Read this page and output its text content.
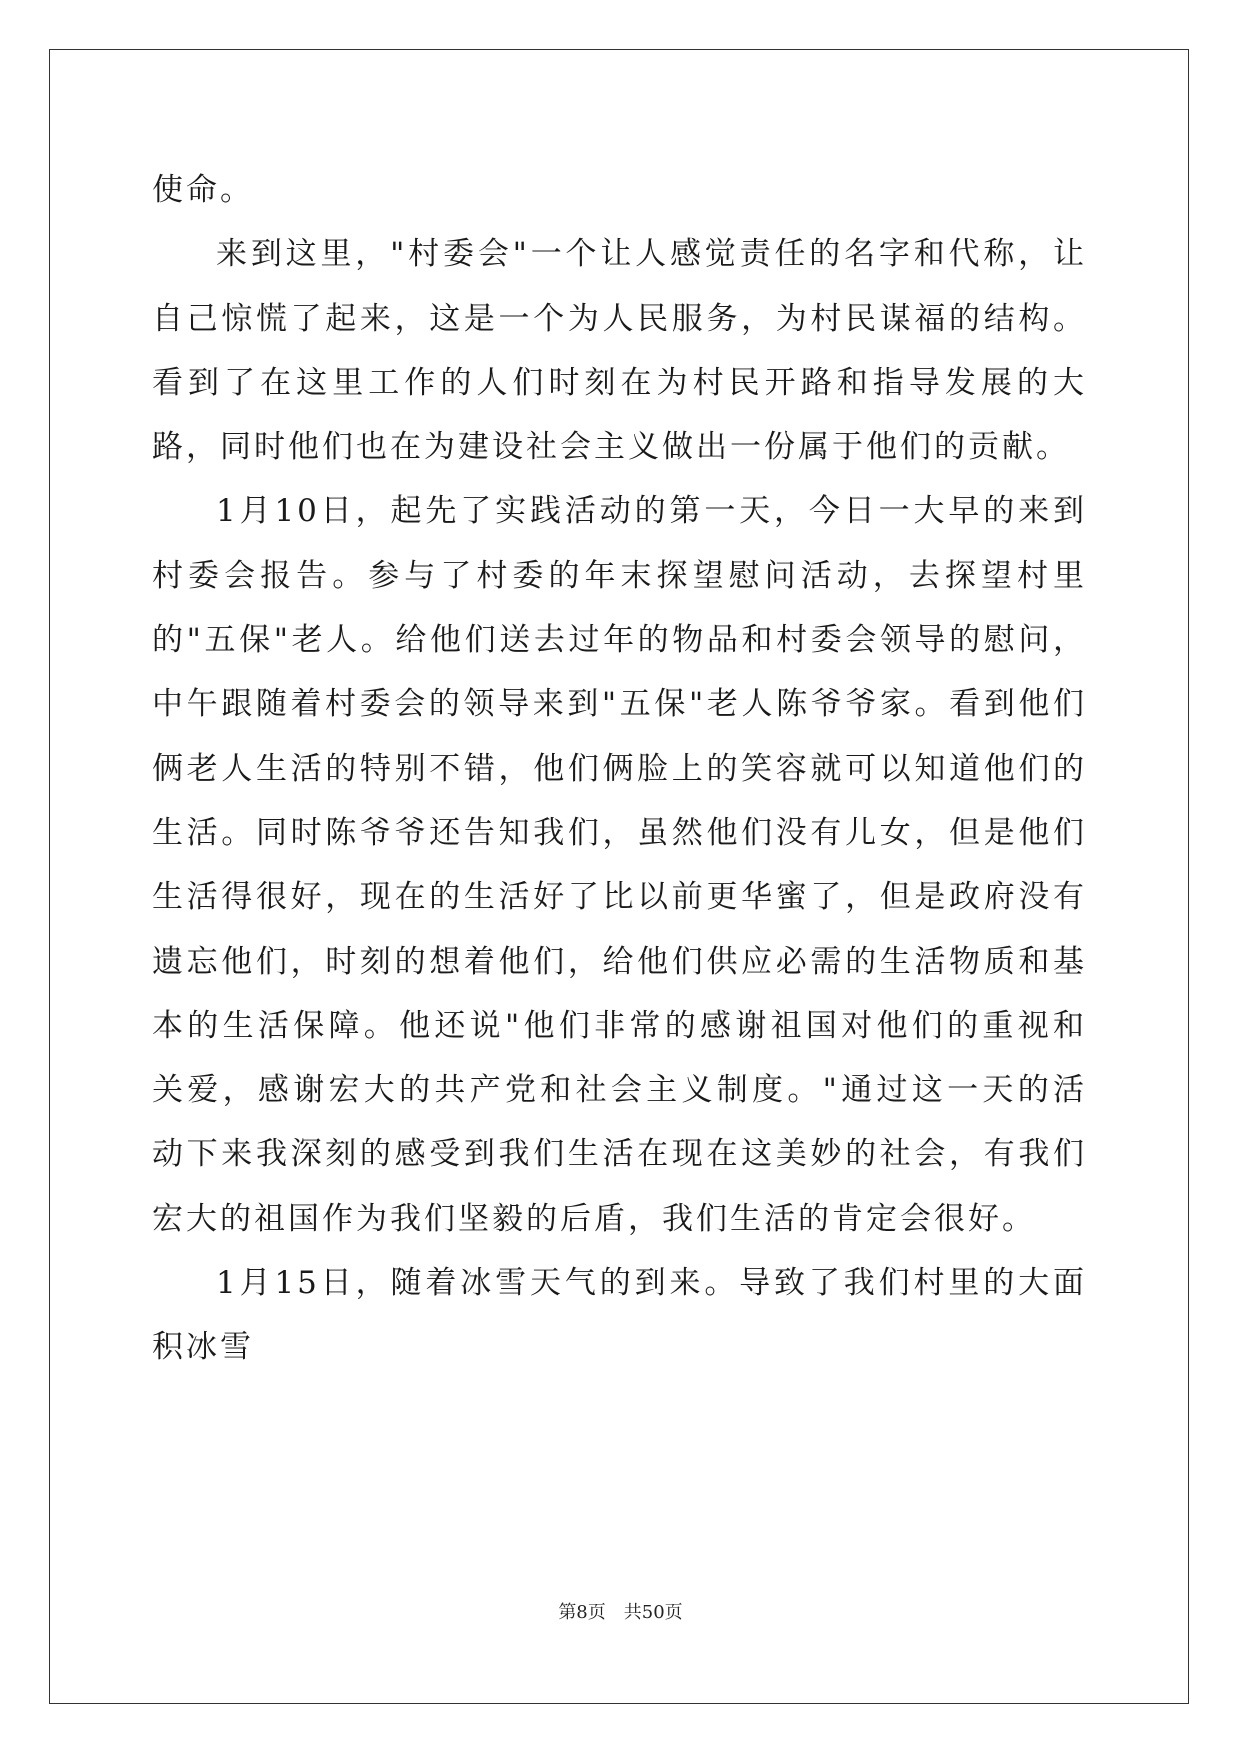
使命。

来到这里，"村委会"一个让人感觉责任的名字和代称，让自己惊慌了起来，这是一个为人民服务，为村民谋福的结构。看到了在这里工作的人们时刻在为村民开路和指导发展的大路，同时他们也在为建设社会主义做出一份属于他们的贡献。

1月10日，起先了实践活动的第一天，今日一大早的来到村委会报告。参与了村委的年末探望慰问活动，去探望村里的"五保"老人。给他们送去过年的物品和村委会领导的慰问，中午跟随着村委会的领导来到"五保"老人陈爷爷家。看到他们俩老人生活的特别不错，他们俩脸上的笑容就可以知道他们的生活。同时陈爷爷还告知我们，虽然他们没有儿女，但是他们生活得很好，现在的生活好了比以前更华蜜了，但是政府没有遗忘他们，时刻的想着他们，给他们供应必需的生活物质和基本的生活保障。他还说"他们非常的感谢祖国对他们的重视和关爱，感谢宏大的共产党和社会主义制度。"通过这一天的活动下来我深刻的感受到我们生活在现在这美妙的社会，有我们宏大的祖国作为我们坚毅的后盾，我们生活的肯定会很好。

1月15日，随着冰雪天气的到来。导致了我们村里的大面积冰雪

第8页 共50页
